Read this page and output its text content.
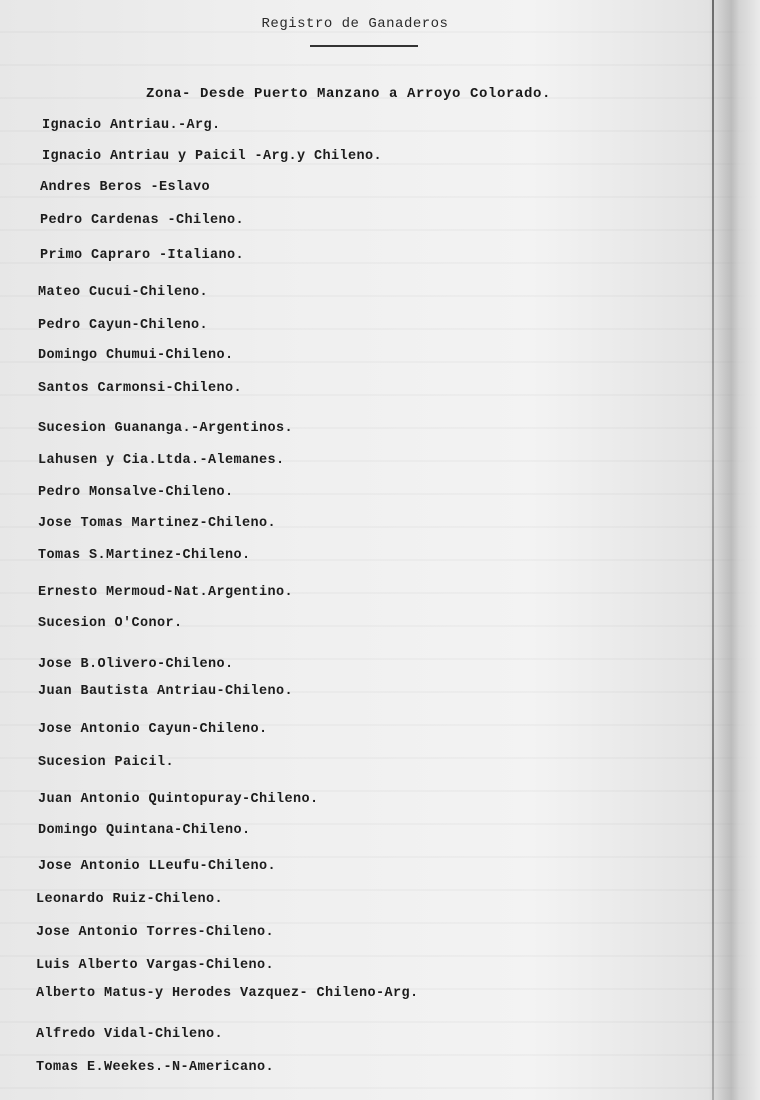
Registro de Ganaderos
Zona- Desde Puerto Manzano a Arroyo Colorado.
Ignacio Antriau.-Arg.
Ignacio Antriau y Paicil -Arg.y Chileno.
Andres Beros -Eslavo
Pedro Cardenas -Chileno.
Primo Capraro -Italiano.
Mateo Cucui-Chileno.
Pedro Cayun-Chileno.
Domingo Chumui-Chileno.
Santos Carmonsi-Chileno.
Sucesion Guananga.-Argentinos.
Lahusen y Cia.Ltda.-Alemanes.
Pedro Monsalve-Chileno.
Jose Tomas Martinez-Chileno.
Tomas S.Martinez-Chileno.
Ernesto Mermoud-Nat.Argentino.
Sucesion O'Conor.
Jose B.Olivero-Chileno.
Juan Bautista Antriau-Chileno.
Jose Antonio Cayun-Chileno.
Sucesion Paicil.
Juan Antonio Quintopuray-Chileno.
Domingo Quintana-Chileno.
Jose Antonio LLeufu-Chileno.
Leonardo Ruiz-Chileno.
Jose Antonio Torres-Chileno.
Luis Alberto Vargas-Chileno.
Alberto Matus-y Herodes Vazquez- Chileno-Arg.
Alfredo Vidal-Chileno.
Tomas E.Weekes.-N-Americano.
